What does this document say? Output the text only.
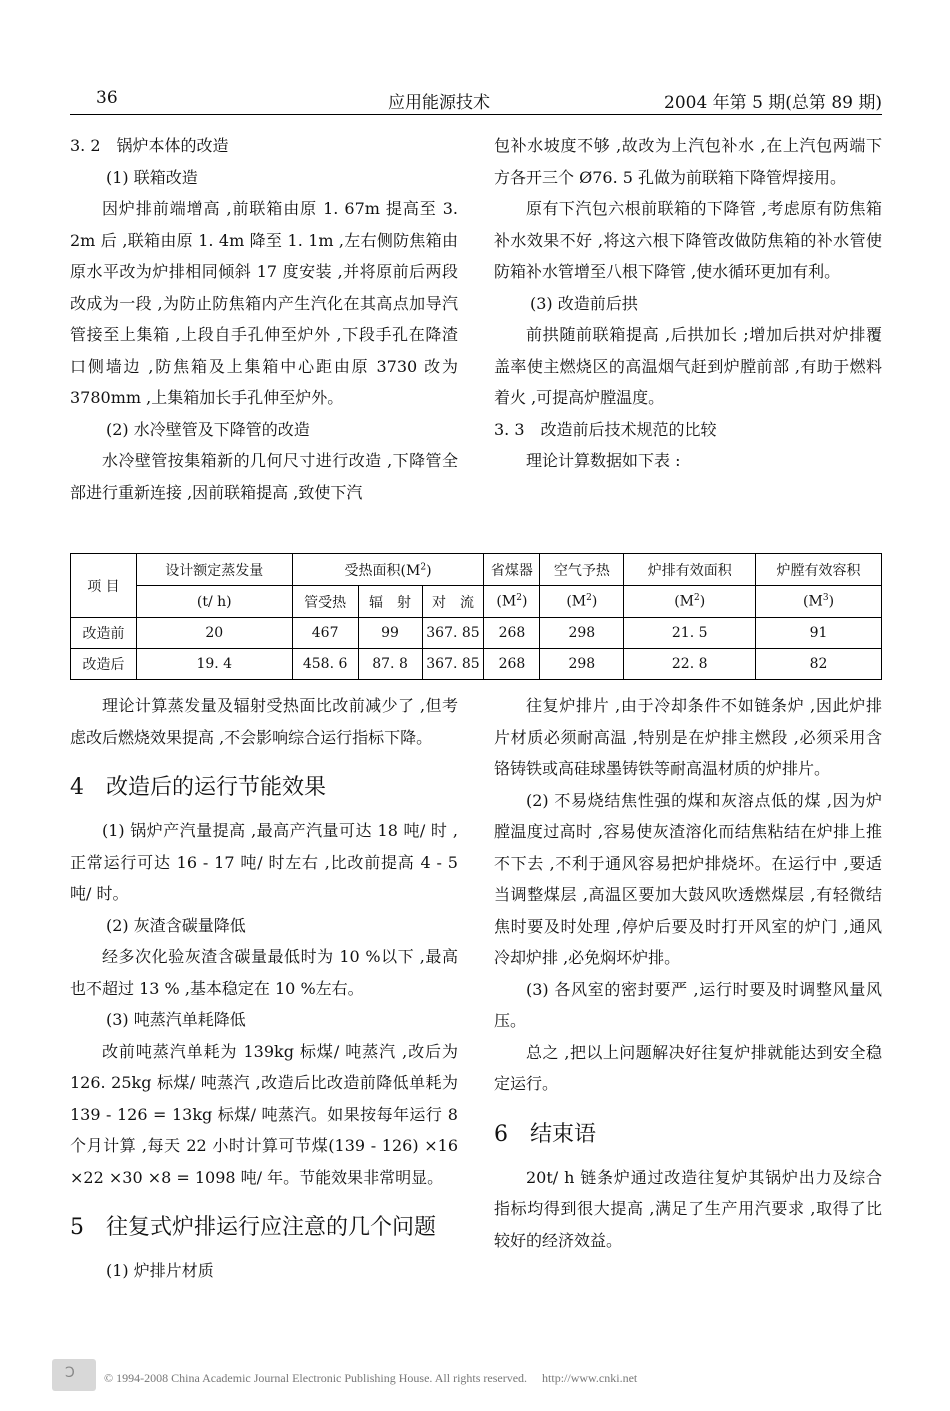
36	应用能源技术	2004 年第 5 期(总第 89 期)

3. 2　锅炉本体的改造

(1) 联箱改造

因炉排前端增高 ,前联箱由原 1. 67m 提高至 3. 2m 后 ,联箱由原 1. 4m 降至 1. 1m ,左右侧防焦箱由原水平改为炉排相同倾斜 17 度安装 ,并将原前后两段改成为一段 ,为防止防焦箱内产生汽化在其高点加导汽管接至上集箱 ,上段自手孔伸至炉外 ,下段手孔在降渣口侧墙边 ,防焦箱及上集箱中心距由原 3730 改为 3780mm ,上集箱加长手孔伸至炉外。

(2) 水冷壁管及下降管的改造

水冷壁管按集箱新的几何尺寸进行改造 ,下降管全部进行重新连接 ,因前联箱提高 ,致使下汽

包补水坡度不够 ,故改为上汽包补水 ,在上汽包两端下方各开三个 Ø76. 5 孔做为前联箱下降管焊接用。

原有下汽包六根前联箱的下降管 ,考虑原有防焦箱补水效果不好 ,将这六根下降管改做防焦箱的补水管使防箱补水管增至八根下降管 ,使水循环更加有利。

(3) 改造前后拱

前拱随前联箱提高 ,后拱加长 ;增加后拱对炉排覆盖率使主燃烧区的高温烟气赶到炉膛前部 ,有助于燃料着火 ,可提高炉膛温度。

3. 3　改造前后技术规范的比较

理论计算数据如下表 :

项 目	设计额定蒸发量	受热面积$(M^2)$			省煤器	空气予热	炉排有效面积	炉膛有效容积
	(t/ h)	管受热	辐　射	对　流	$(M^2)$	$(M^2)$	$(M^2)$	$(M^3)$
改造前	20	467	99	367. 85	268	298	21. 5	91
改造后	19. 4	458. 6	87. 8	367. 85	268	298	22. 8	82

理论计算蒸发量及辐射受热面比改前减少了 ,但考虑改后燃烧效果提高 ,不会影响综合运行指标下降。

4 改造后的运行节能效果

(1) 锅炉产汽量提高 ,最高产汽量可达 18 吨/ 时 ,正常运行可达 16 - 17 吨/ 时左右 ,比改前提高 4 - 5 吨/ 时。

(2) 灰渣含碳量降低

经多次化验灰渣含碳量最低时为 10 %以下 ,最高也不超过 13 % ,基本稳定在 10 %左右。

(3) 吨蒸汽单耗降低

改前吨蒸汽单耗为 139kg 标煤/ 吨蒸汽 ,改后为 126. 25kg 标煤/ 吨蒸汽 ,改造后比改造前降低单耗为 139 - 126 = 13kg 标煤/ 吨蒸汽。如果按每年运行 8 个月计算 ,每天 22 小时计算可节煤(139 - 126) ×16 ×22 ×30 ×8 = 1098 吨/ 年。节能效果非常明显。

5 往复式炉排运行应注意的几个问题

(1) 炉排片材质

往复炉排片 ,由于冷却条件不如链条炉 ,因此炉排片材质必须耐高温 ,特别是在炉排主燃段 ,必须采用含铬铸铁或高硅球墨铸铁等耐高温材质的炉排片。

(2) 不易烧结焦性强的煤和灰溶点低的煤 ,因为炉膛温度过高时 ,容易使灰渣溶化而结焦粘结在炉排上推不下去 ,不利于通风容易把炉排烧坏。在运行中 ,要适当调整煤层 ,高温区要加大鼓风吹透燃煤层 ,有轻微结焦时要及时处理 ,停炉后要及时打开风室的炉门 ,通风冷却炉排 ,必免焖坏炉排。

(3) 各风室的密封要严 ,运行时要及时调整风量风压。

总之 ,把以上问题解决好往复炉排就能达到安全稳定运行。

6 结束语

20t/ h 链条炉通过改造往复炉其锅炉出力及综合指标均得到很大提高 ,满足了生产用汽要求 ,取得了比较好的经济效益。

Ɔ © 1994-2008 China Academic Journal Electronic Publishing House. All rights reserved.　 http://www.cnki.net
